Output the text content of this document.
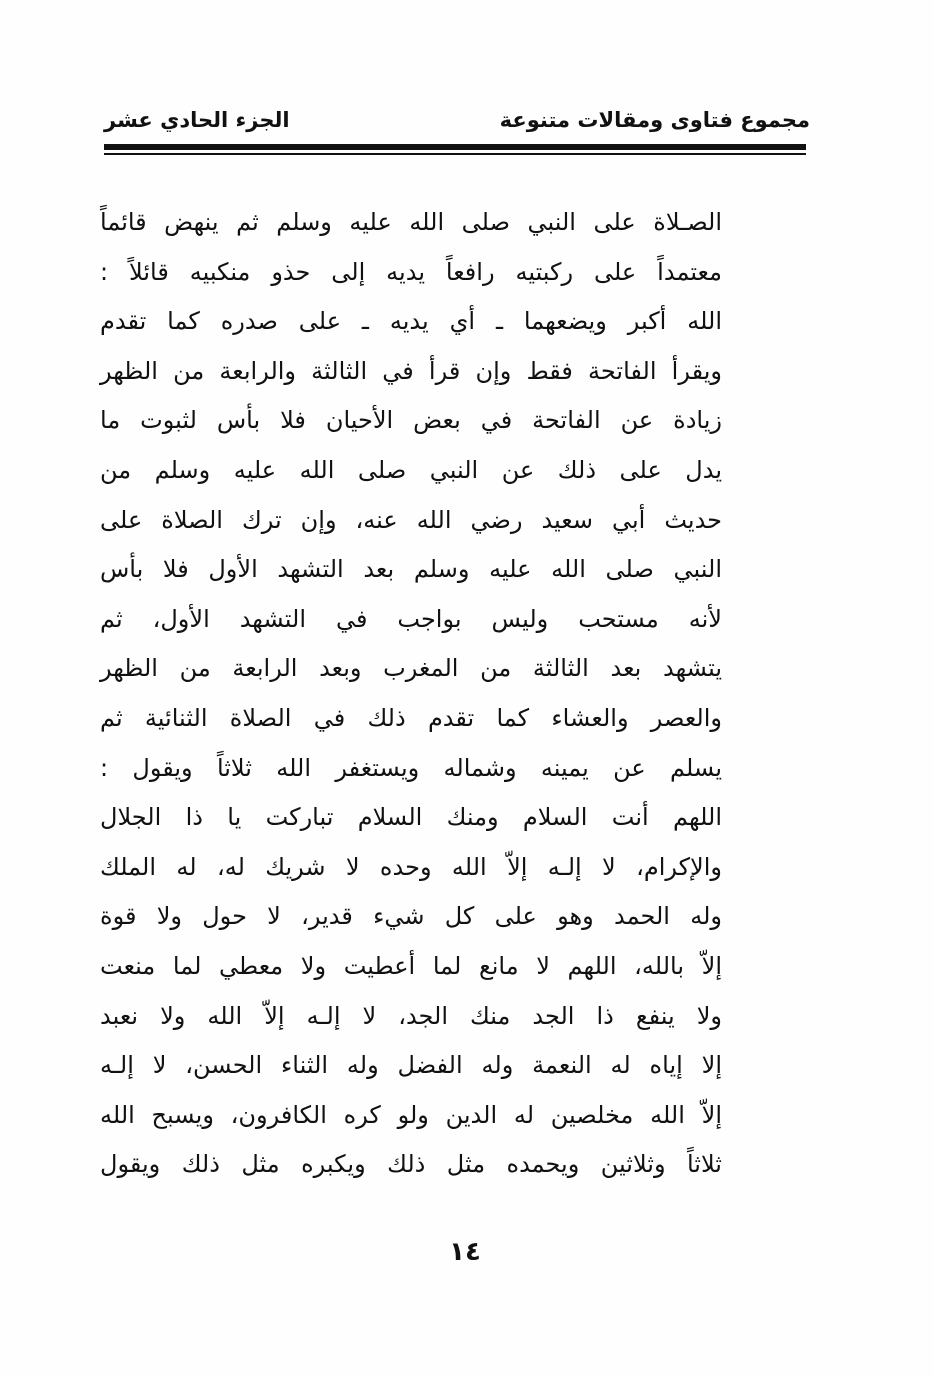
مجموع فتاوى ومقالات متنوعة
الجزء الحادي عشر
الصـلاة على النبي صلى الله عليه وسلم ثم ينهض قائماً
معتمداً على ركبتيه رافعاً يديه إلى حذو منكبيه قائلاً :
الله أكبر ويضعهما ـ أي يديه ـ على صدره كما تقدم
ويقرأ الفاتحة فقط وإن قرأ في الثالثة والرابعة من الظهر
زيادة عن الفاتحة في بعض الأحيان فلا بأس لثبوت ما
يدل على ذلك عن النبي صلى الله عليه وسلم من
حديث أبي سعيد رضي الله عنه، وإن ترك الصلاة على
النبي صلى الله عليه وسلم بعد التشهد الأول فلا بأس
لأنه مستحب وليس بواجب في التشهد الأول، ثم
يتشهد بعد الثالثة من المغرب وبعد الرابعة من الظهر
والعصر والعشاء كما تقدم ذلك في الصلاة الثنائية ثم
يسلم عن يمينه وشماله ويستغفر الله ثلاثاً ويقول :
اللهم أنت السلام ومنك السلام تباركت يا ذا الجلال
والإكرام، لا إلـه إلاّ الله وحده لا شريك له، له الملك
وله الحمد وهو على كل شيء قدير، لا حول ولا قوة
إلاّ بالله، اللهم لا مانع لما أعطيت ولا معطي لما منعت
ولا ينفع ذا الجد منك الجد، لا إلـه إلاّ الله ولا نعبد
إلا إياه له النعمة وله الفضل وله الثناء الحسن، لا إلـه
إلاّ الله مخلصين له الدين ولو كره الكافرون، ويسبح الله
ثلاثاً وثلاثين ويحمده مثل ذلك ويكبره مثل ذلك ويقول
١٤
